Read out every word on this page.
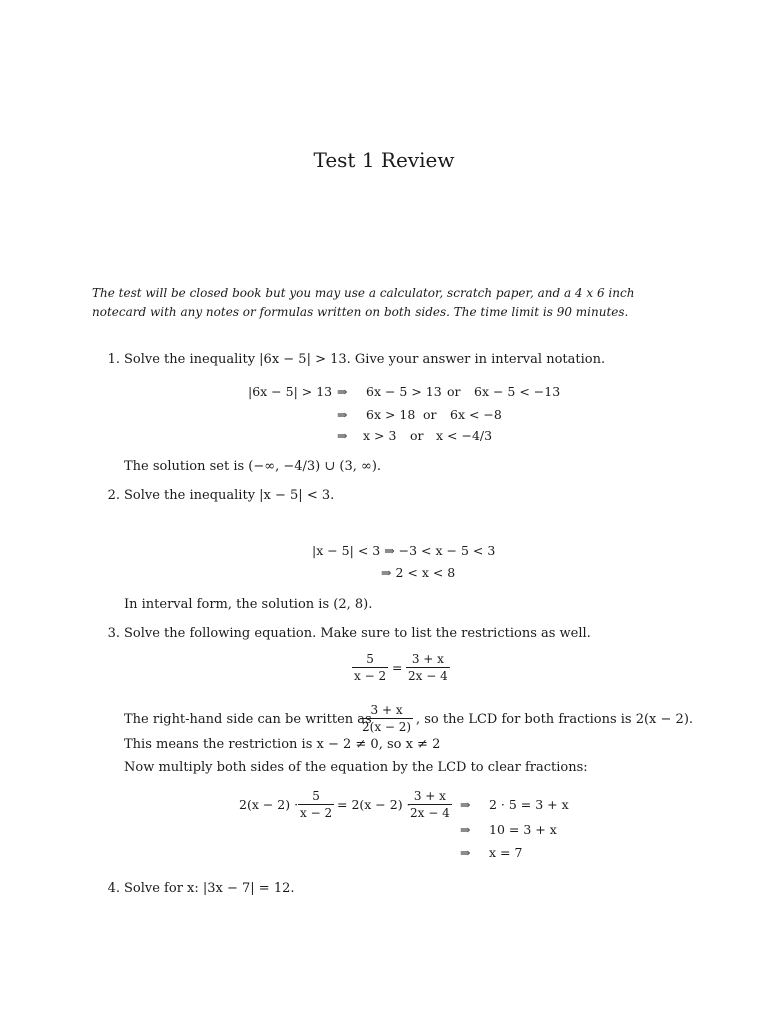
Test 1 Review
The test will be closed book but you may use a calculator, scratch paper, and a 4 x 6 inch notecard with any notes or formulas written on both sides. The time limit is 90 minutes.
1. Solve the inequality |6x − 5| > 13. Give your answer in interval notation.
|6x − 5| > 13 ⇒ 6x − 5 > 13 or 6x − 5 < −13
⇒ 6x > 18 or 6x < −8
⇒ x > 3 or x < −4/3
The solution set is (−∞, −4/3) ∪ (3, ∞).
2. Solve the inequality |x − 5| < 3.
|x − 5| < 3 ⇒ −3 < x − 5 < 3
⇒ 2 < x < 8
In interval form, the solution is (2, 8).
3. Solve the following equation. Make sure to list the restrictions as well.
5
x − 2
=
3 + x
2x − 4
The right-hand side can be written as
3 + x
2(x − 2) , so the LCD for both fractions is 2(x − 2).
This means the restriction is x − 2 ≠ 0, so x ≠ 2
Now multiply both sides of the equation by the LCD to clear fractions:
2(x − 2) ·
5
x − 2
= 2(x − 2) ·
3 + x
2x − 4
⇒ 2 · 5 = 3 + x
⇒ 10 = 3 + x
⇒ x = 7
4. Solve for x: |3x − 7| = 12.
